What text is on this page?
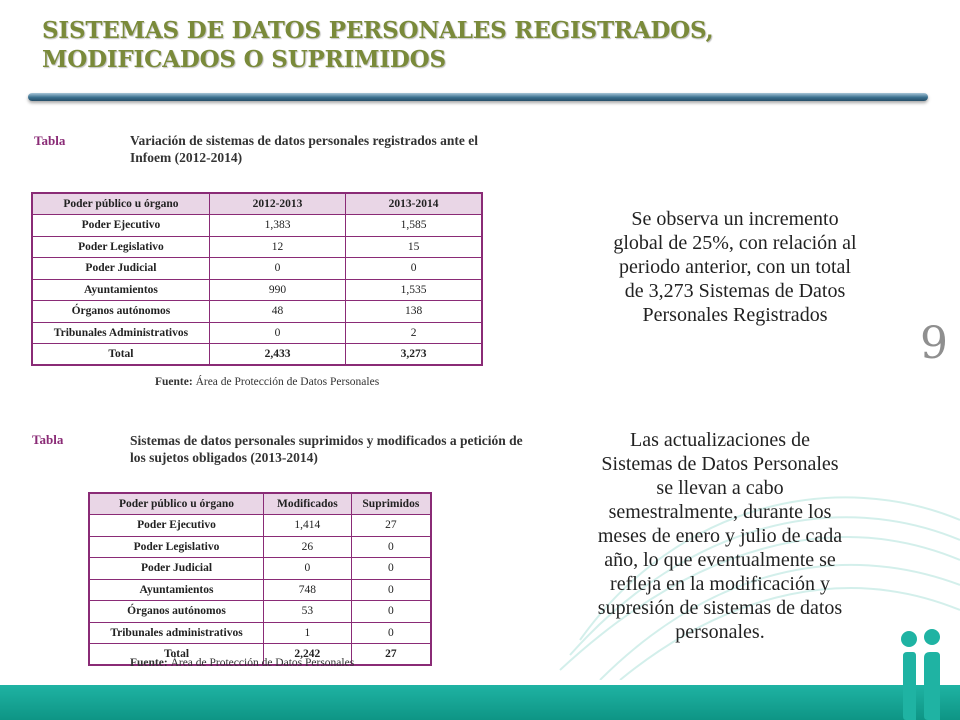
SISTEMAS DE DATOS PERSONALES REGISTRADOS, MODIFICADOS O SUPRIMIDOS
Tabla	Variación de sistemas de datos personales registrados ante el Infoem (2012-2014)
Poder público u órgano	2012-2013	2013-2014
Poder Ejecutivo	1,383	1,585
Poder Legislativo	12	15
Poder Judicial	0	0
Ayuntamientos	990	1,535
Órganos autónomos	48	138
Tribunales Administrativos	0	2
Total	2,433	3,273
Fuente: Área de Protección de Datos Personales
Tabla	Sistemas de datos personales suprimidos y modificados a petición de los sujetos obligados (2013-2014)
Poder público u órgano	Modificados	Suprimidos
Poder Ejecutivo	1,414	27
Poder Legislativo	26	0
Poder Judicial	0	0
Ayuntamientos	748	0
Órganos autónomos	53	0
Tribunales administrativos	1	0
Total	2,242	27
Fuente: Área de Protección de Datos Personales
Se observa un incremento
global de 25%, con relación al
periodo anterior, con un total
de 3,273 Sistemas de Datos
Personales Registrados
Las actualizaciones de
Sistemas de Datos Personales
se llevan a cabo
semestralmente, durante los
meses de enero y julio de cada
año, lo que eventualmente se
refleja en la modificación y
supresión de sistemas de datos
personales.
9
